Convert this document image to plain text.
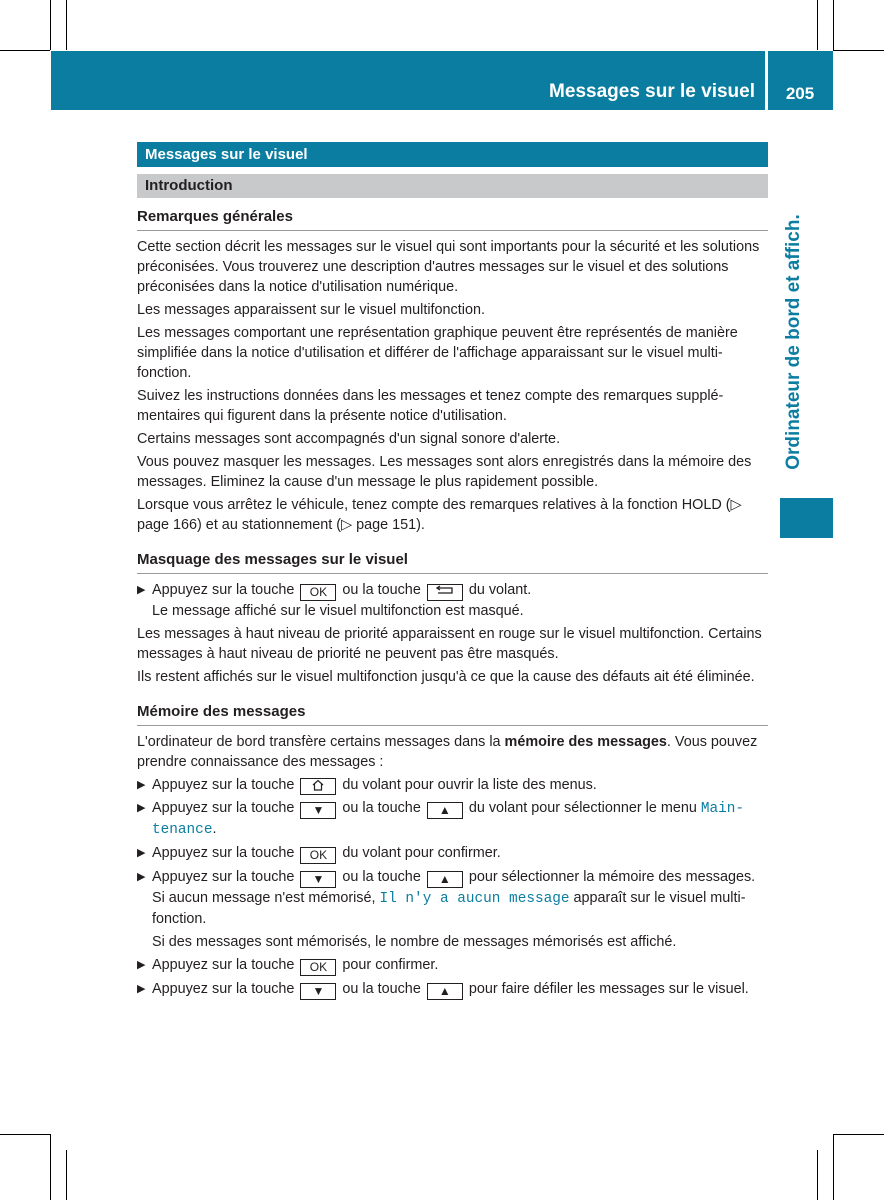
Messages sur le visuel	205
Ordinateur de bord et affich.
Messages sur le visuel
Introduction
Remarques générales

Cette section décrit les messages sur le visuel qui sont importants pour la sécurité et les solutions préconisées. Vous trouverez une description d'autres messages sur le visuel et des solutions préconisées dans la notice d'utilisation numérique.

Les messages apparaissent sur le visuel multifonction.

Les messages comportant une représentation graphique peuvent être représentés de manière simplifiée dans la notice d'utilisation et différer de l'affichage apparaissant sur le visuel multifonction.

Suivez les instructions données dans les messages et tenez compte des remarques supplémentaires qui figurent dans la présente notice d'utilisation.

Certains messages sont accompagnés d'un signal sonore d'alerte.

Vous pouvez masquer les messages. Les messages sont alors enregistrés dans la mémoire des messages. Eliminez la cause d'un message le plus rapidement possible.

Lorsque vous arrêtez le véhicule, tenez compte des remarques relatives à la fonction HOLD (▷ page 166) et au stationnement (▷ page 151).

Masquage des messages sur le visuel
▶ Appuyez sur la touche OK ou la touche	du volant.
Le message affiché sur le visuel multifonction est masqué.

Les messages à haut niveau de priorité apparaissent en rouge sur le visuel multifonction. Certains messages à haut niveau de priorité ne peuvent pas être masqués.

Ils restent affichés sur le visuel multifonction jusqu'à ce que la cause des défauts ait été éliminée.

Mémoire des messages

L'ordinateur de bord transfère certains messages dans la mémoire des messages. Vous pouvez prendre connaissance des messages :

▶ Appuyez sur la touche	du volant pour ouvrir la liste des menus.
▶ Appuyez sur la touche ▼ ou la touche ▲ du volant pour sélectionner le menu Maintenance.
▶ Appuyez sur la touche OK du volant pour confirmer.
▶ Appuyez sur la touche ▼ ou la touche ▲ pour sélectionner la mémoire des messages.
Si aucun message n'est mémorisé, Il n'y a aucun message apparaît sur le visuel multifonction.
Si des messages sont mémorisés, le nombre de messages mémorisés est affiché.
▶ Appuyez sur la touche OK pour confirmer.
▶ Appuyez sur la touche ▼ ou la touche ▲ pour faire défiler les messages sur le visuel.
